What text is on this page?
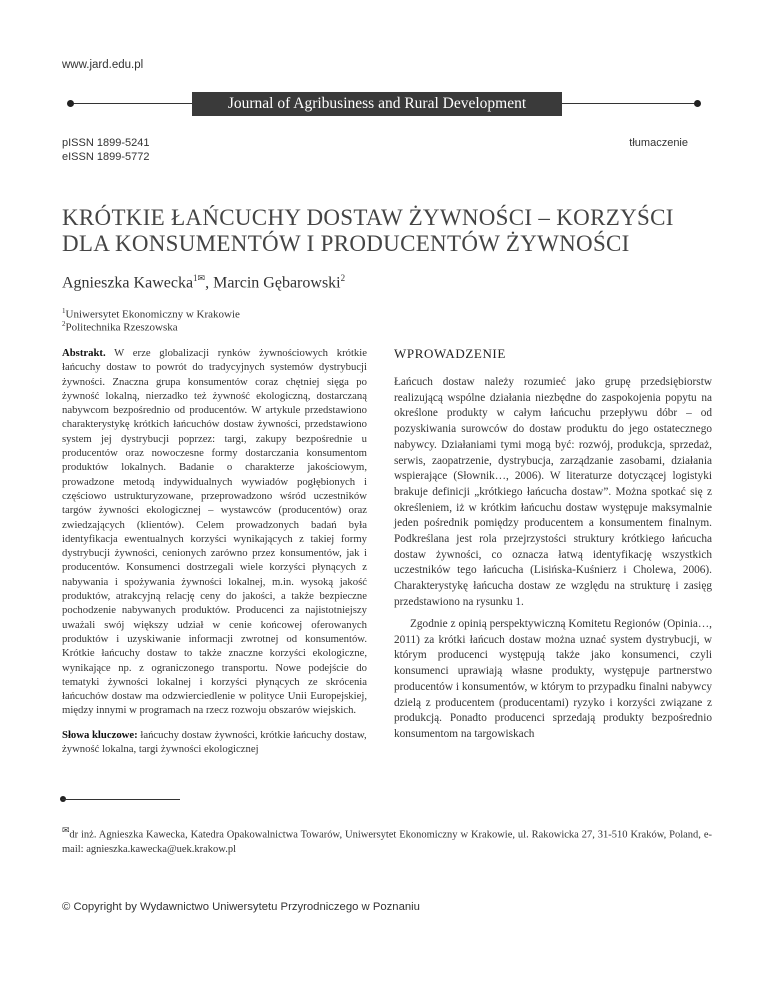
www.jard.edu.pl
Journal of Agribusiness and Rural Development
pISSN 1899-5241
eISSN 1899-5772
tłumaczenie
KRÓTKIE ŁAŃCUCHY DOSTAW ŻYWNOŚCI – KORZYŚCI
DLA KONSUMENTÓW I PRODUCENTÓW ŻYWNOŚCI
Agnieszka Kawecka$^{1✉}$, Marcin Gębarowski$^2$
$^1$Uniwersytet Ekonomiczny w Krakowie
$^2$Politechnika Rzeszowska
Abstrakt. W erze globalizacji rynków żywnościowych krótkie łańcuchy dostaw to powrót do tradycyjnych systemów dystrybucji żywności. Znaczna grupa konsumentów coraz chętniej sięga po żywność lokalną, nierzadko też żywność ekologiczną, dostarczaną nabywcom bezpośrednio od producentów. W artykule przedstawiono charakterystykę krótkich łańcuchów dostaw żywności, przedstawiono system jej dystrybucji poprzez: targi, zakupy bezpośrednie u producentów oraz nowoczesne formy dostarczania konsumentom produktów lokalnych. Badanie o charakterze jakościowym, prowadzone metodą indywidualnych wywiadów pogłębionych i częściowo ustrukturyzowane, przeprowadzono wśród uczestników targów żywności ekologicznej – wystawców (producentów) oraz zwiedzających (klientów). Celem prowadzonych badań była identyfikacja ewentualnych korzyści wynikających z takiej formy dystrybucji żywności, cenionych zarówno przez konsumentów, jak i producentów. Konsumenci dostrzegali wiele korzyści płynących z nabywania i spożywania żywności lokalnej, m.in. wysoką jakość produktów, atrakcyjną relację ceny do jakości, a także bezpieczne pochodzenie nabywanych produktów. Producenci za najistotniejszy uważali swój większy udział w cenie końcowej oferowanych produktów i uzyskiwanie informacji zwrotnej od konsumentów. Krótkie łańcuchy dostaw to także znaczne korzyści ekologiczne, wynikające np. z ograniczonego transportu. Nowe podejście do tematyki żywności lokalnej i korzyści płynących ze skrócenia łańcuchów dostaw ma odzwierciedlenie w polityce Unii Europejskiej, między innymi w programach na rzecz rozwoju obszarów wiejskich.
Słowa kluczowe: łańcuchy dostaw żywności, krótkie łańcuchy dostaw, żywność lokalna, targi żywności ekologicznej
WPROWADZENIE
Łańcuch dostaw należy rozumieć jako grupę przedsiębiorstw realizującą wspólne działania niezbędne do zaspokojenia popytu na określone produkty w całym łańcuchu przepływu dóbr – od pozyskiwania surowców do dostaw produktu do jego ostatecznego nabywcy. Działaniami tymi mogą być: rozwój, produkcja, sprzedaż, serwis, zaopatrzenie, dystrybucja, zarządzanie zasobami, działania wspierające (Słownik…, 2006). W literaturze dotyczącej logistyki brakuje definicji „krótkiego łańcucha dostaw”. Można spotkać się z określeniem, iż w krótkim łańcuchu dostaw występuje maksymalnie jeden pośrednik pomiędzy producentem a konsumentem finalnym. Podkreślana jest rola przejrzystości struktury krótkiego łańcucha dostaw żywności, co oznacza łatwą identyfikację wszystkich uczestników tego łańcucha (Lisińska-Kuśnierz i Cholewa, 2006). Charakterystykę łańcucha dostaw ze względu na strukturę i zasięg przedstawiono na rysunku 1.
Zgodnie z opinią perspektywiczną Komitetu Regionów (Opinia…, 2011) za krótki łańcuch dostaw można uznać system dystrybucji, w którym producenci występują także jako konsumenci, czyli konsumenci uprawiają własne produkty, występuje partnerstwo producentów i konsumentów, w którym to przypadku finalni nabywcy dzielą z producentem (producentami) ryzyko i korzyści związane z produkcją. Ponadto producenci sprzedają produkty bezpośrednio konsumentom na targowiskach
✉dr inż. Agnieszka Kawecka, Katedra Opakowalnictwa Towarów, Uniwersytet Ekonomiczny w Krakowie, ul. Rakowicka 27, 31-510 Kraków, Poland, e-mail: agnieszka.kawecka@uek.krakow.pl
© Copyright by Wydawnictwo Uniwersytetu Przyrodniczego w Poznaniu
